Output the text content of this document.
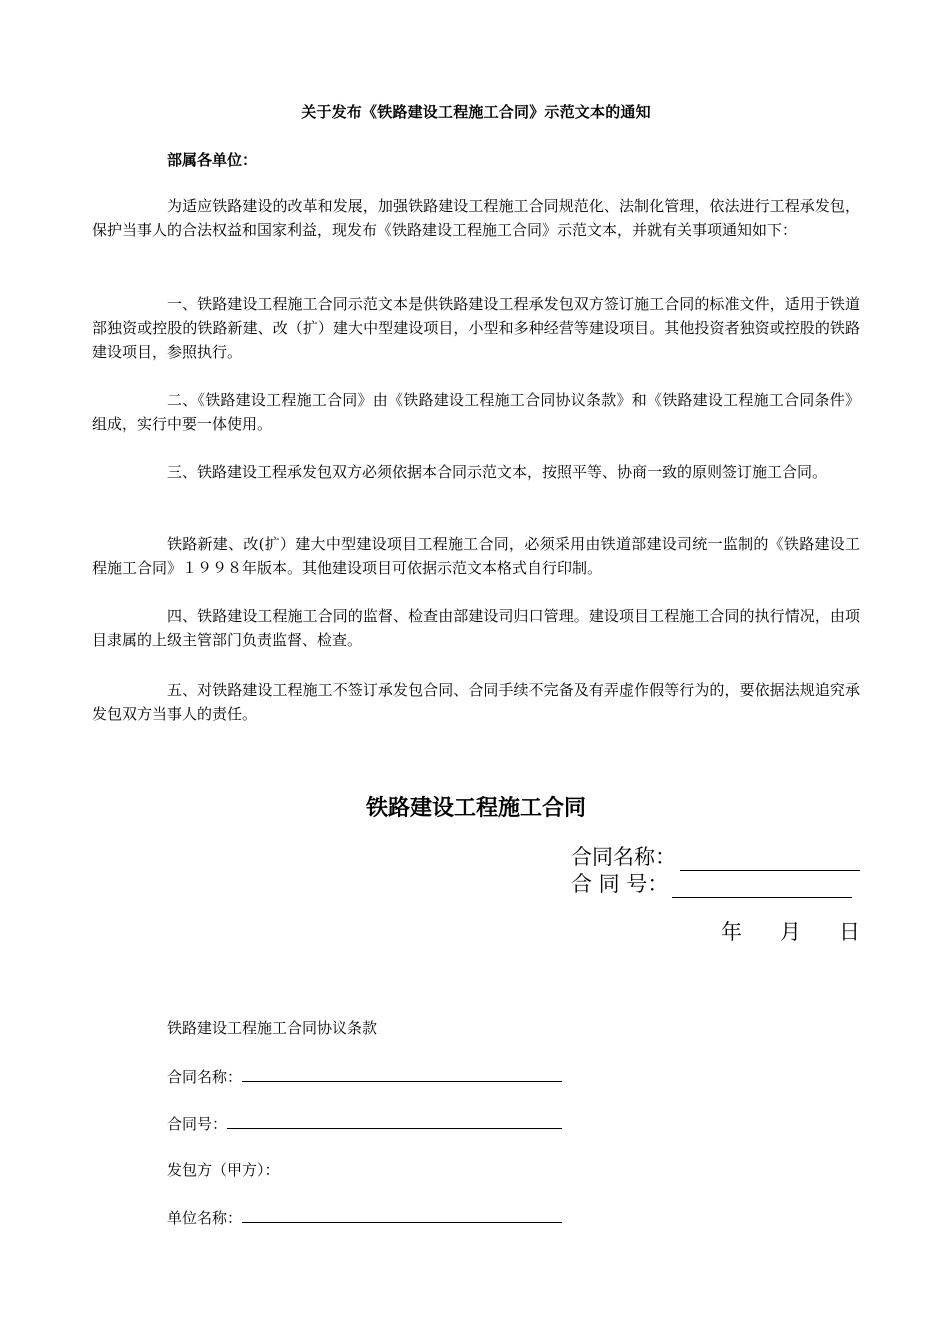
关于发布《铁路建设工程施工合同》示范文本的通知
部属各单位：

为适应铁路建设的改革和发展，加强铁路建设工程施工合同规范化、法制化管理，依法进行工程承发包，保护当事人的合法权益和国家利益，现发布《铁路建设工程施工合同》示范文本，并就有关事项通知如下：

一、铁路建设工程施工合同示范文本是供铁路建设工程承发包双方签订施工合同的标准文件，适用于铁道部独资或控股的铁路新建、改（扩）建大中型建设项目，小型和多种经营等建设项目。其他投资者独资或控股的铁路建设项目，参照执行。

二、《铁路建设工程施工合同》由《铁路建设工程施工合同协议条款》和《铁路建设工程施工合同条件》组成，实行中要一体使用。

三、铁路建设工程承发包双方必须依据本合同示范文本，按照平等、协商一致的原则签订施工合同。

铁路新建、改(扩）建大中型建设项目工程施工合同，必须采用由铁道部建设司统一监制的《铁路建设工程施工合同》１９９８年版本。其他建设项目可依据示范文本格式自行印制。

四、铁路建设工程施工合同的监督、检查由部建设司归口管理。建设项目工程施工合同的执行情况，由项目隶属的上级主管部门负责监督、检查。

五、对铁路建设工程施工不签订承发包合同、合同手续不完备及有弄虚作假等行为的，要依据法规追究承发包双方当事人的责任。

铁路建设工程施工合同
合同名称：
合 同 号：
年 月 日
铁路建设工程施工合同协议条款
合同名称：
合同号：
发包方（甲方）：
单位名称：
